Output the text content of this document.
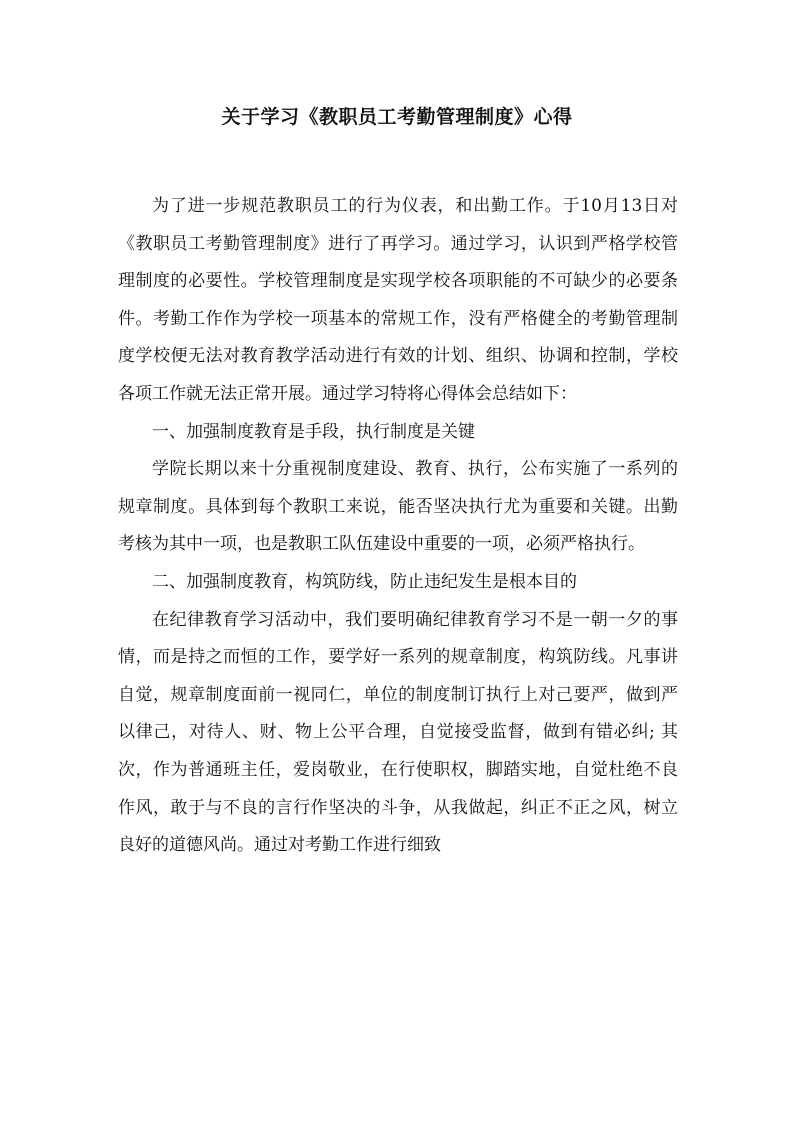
关于学习《教职员工考勤管理制度》心得

为了进一步规范教职员工的行为仪表，和出勤工作。于10月13日对《教职员工考勤管理制度》进行了再学习。通过学习，认识到严格学校管理制度的必要性。学校管理制度是实现学校各项职能的不可缺少的必要条件。考勤工作作为学校一项基本的常规工作，没有严格健全的考勤管理制度学校便无法对教育教学活动进行有效的计划、组织、协调和控制，学校各项工作就无法正常开展。通过学习特将心得体会总结如下：

一、加强制度教育是手段，执行制度是关键

学院长期以来十分重视制度建设、教育、执行，公布实施了一系列的规章制度。具体到每个教职工来说，能否坚决执行尤为重要和关键。出勤考核为其中一项，也是教职工队伍建设中重要的一项，必须严格执行。

二、加强制度教育，构筑防线，防止违纪发生是根本目的

在纪律教育学习活动中，我们要明确纪律教育学习不是一朝一夕的事情，而是持之而恒的工作，要学好一系列的规章制度，构筑防线。凡事讲自觉，规章制度面前一视同仁，单位的制度制订执行上对己要严，做到严以律己，对待人、财、物上公平合理，自觉接受监督，做到有错必纠; 其次，作为普通班主任，爱岗敬业，在行使职权，脚踏实地，自觉杜绝不良作风，敢于与不良的言行作坚决的斗争，从我做起，纠正不正之风，树立良好的道德风尚。通过对考勤工作进行细致
